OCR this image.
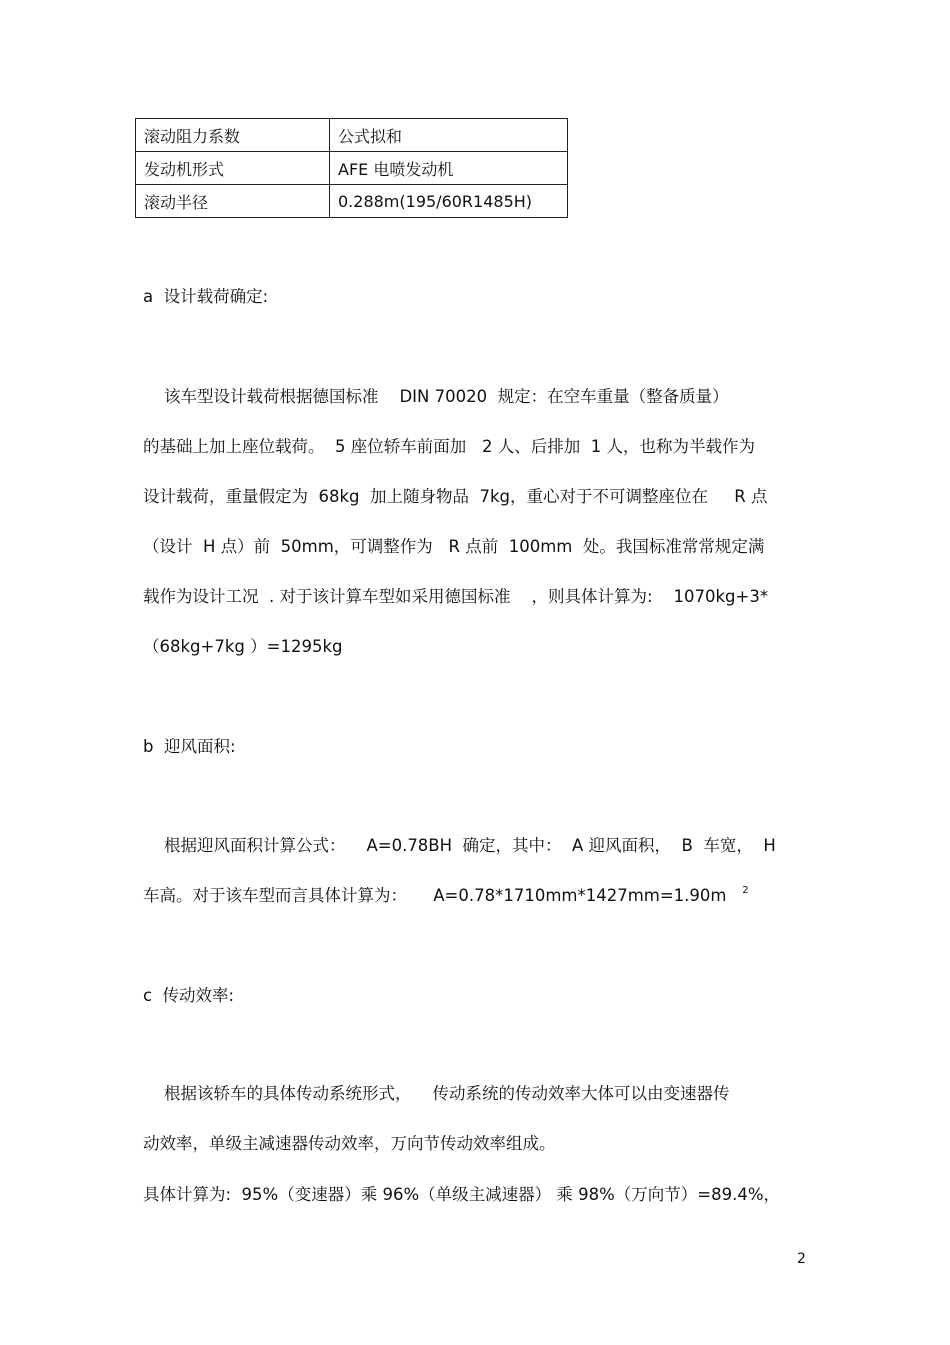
滚动阻力系数	公式拟和
发动机形式	AFE 电喷发动机
滚动半径	0.288m(195/60R1485H)
a  设计载荷确定:
该车型设计载荷根据德国标准    DIN 70020  规定：在空车重量（整备质量）
的基础上加上座位载荷。  5 座位轿车前面加   2 人、后排加  1 人，也称为半载作为
设计载荷，重量假定为  68kg  加上随身物品  7kg，重心对于不可调整座位在     R 点
（设计  H 点）前  50mm，可调整作为   R 点前  100mm  处。我国标准常常规定满
载作为设计工况  . 对于该计算车型如采用德国标准    ，则具体计算为:    1070kg+3*
（68kg+7kg ）=1295kg
b  迎风面积:
根据迎风面积计算公式：    A=0.78BH  确定，其中：  A 迎风面积，  B  车宽，  H
车高。对于该车型而言具体计算为：     A=0.78*1710mm*1427mm=1.90m $^2$
c  传动效率:
根据该轿车的具体传动系统形式，    传动系统的传动效率大体可以由变速器传
动效率，单级主减速器传动效率，万向节传动效率组成。
具体计算为:  95%（变速器）乘 96%（单级主减速器） 乘 98%（万向节）=89.4%，
2
